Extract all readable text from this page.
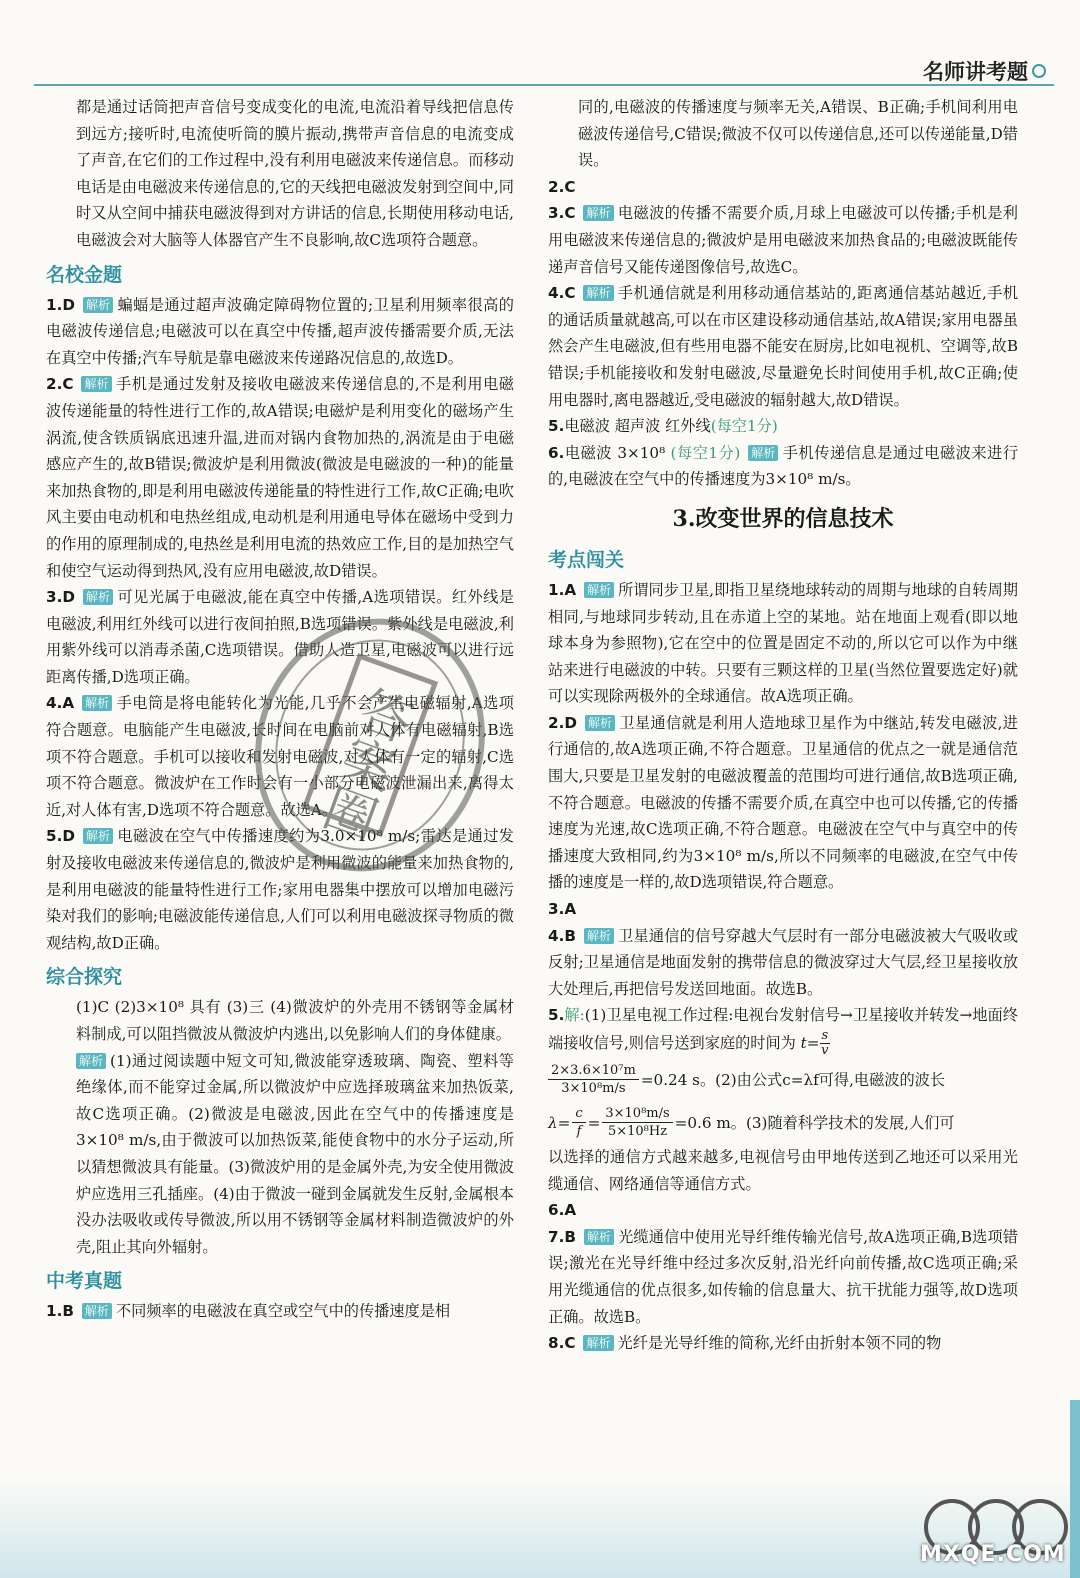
名师讲考题

都是通过话筒把声音信号变成变化的电流,电流沿着导线把信息传到远方;接听时,电流使听筒的膜片振动,携带声音信息的电流变成了声音,在它们的工作过程中,没有利用电磁波来传递信息。而移动电话是由电磁波来传递信息的,它的天线把电磁波发射到空间中,同时又从空间中捕获电磁波得到对方讲话的信息,长期使用移动电话,电磁波会对大脑等人体器官产生不良影响,故C选项符合题意。

名校金题

1.D 解析 蝙蝠是通过超声波确定障碍物位置的;卫星利用频率很高的电磁波传递信息;电磁波可以在真空中传播,超声波传播需要介质,无法在真空中传播;汽车导航是靠电磁波来传递路况信息的,故选D。

2.C 解析 手机是通过发射及接收电磁波来传递信息的,不是利用电磁波传递能量的特性进行工作的,故A错误;电磁炉是利用变化的磁场产生涡流,使含铁质锅底迅速升温,进而对锅内食物加热的,涡流是由于电磁感应产生的,故B错误;微波炉是利用微波(微波是电磁波的一种)的能量来加热食物的,即是利用电磁波传递能量的特性进行工作,故C正确;电吹风主要由电动机和电热丝组成,电动机是利用通电导体在磁场中受到力的作用的原理制成的,电热丝是利用电流的热效应工作,目的是加热空气和使空气运动得到热风,没有应用电磁波,故D错误。

3.D 解析 可见光属于电磁波,能在真空中传播,A选项错误。红外线是电磁波,利用红外线可以进行夜间拍照,B选项错误。紫外线是电磁波,利用紫外线可以消毒杀菌,C选项错误。借助人造卫星,电磁波可以进行远距离传播,D选项正确。

4.A 解析 手电筒是将电能转化为光能,几乎不会产生电磁辐射,A选项符合题意。电脑能产生电磁波,长时间在电脑前对人体有电磁辐射,B选项不符合题意。手机可以接收和发射电磁波,对人体有一定的辐射,C选项不符合题意。微波炉在工作时会有一小部分电磁波泄漏出来,离得太近,对人体有害,D选项不符合题意。故选A。

5.D 解析 电磁波在空气中传播速度约为3.0×10⁸ m/s;雷达是通过发射及接收电磁波来传递信息的,微波炉是利用微波的能量来加热食物的,是利用电磁波的能量特性进行工作;家用电器集中摆放可以增加电磁污染对我们的影响;电磁波能传递信息,人们可以利用电磁波探寻物质的微观结构,故D正确。

综合探究

(1)C (2)3×10⁸ 具有 (3)三 (4)微波炉的外壳用不锈钢等金属材料制成,可以阻挡微波从微波炉内逃出,以免影响人们的身体健康。

解析 (1)通过阅读题中短文可知,微波能穿透玻璃、陶瓷、塑料等绝缘体,而不能穿过金属,所以微波炉中应选择玻璃盆来加热饭菜,故C选项正确。(2)微波是电磁波,因此在空气中的传播速度是3×10⁸ m/s,由于微波可以加热饭菜,能使食物中的水分子运动,所以猜想微波具有能量。(3)微波炉用的是金属外壳,为安全使用微波炉应选用三孔插座。(4)由于微波一碰到金属就发生反射,金属根本没办法吸收或传导微波,所以用不锈钢等金属材料制造微波炉的外壳,阻止其向外辐射。

中考真题

1.B 解析 不同频率的电磁波在真空或空气中的传播速度是相

同的,电磁波的传播速度与频率无关,A错误、B正确;手机间利用电磁波传递信号,C错误;微波不仅可以传递信息,还可以传递能量,D错误。

2.C

3.C 解析 电磁波的传播不需要介质,月球上电磁波可以传播;手机是利用电磁波来传递信息的;微波炉是用电磁波来加热食品的;电磁波既能传递声音信号又能传递图像信号,故选C。

4.C 解析 手机通信就是利用移动通信基站的,距离通信基站越近,手机的通话质量就越高,可以在市区建设移动通信基站,故A错误;家用电器虽然会产生电磁波,但有些用电器不能安在厨房,比如电视机、空调等,故B错误;手机能接收和发射电磁波,尽量避免长时间使用手机,故C正确;使用电器时,离电器越近,受电磁波的辐射越大,故D错误。

5.电磁波 超声波 红外线(每空1分)

6.电磁波 3×10⁸ (每空1分) 解析 手机传递信息是通过电磁波来进行的,电磁波在空气中的传播速度为3×10⁸ m/s。

3.改变世界的信息技术
考点闯关

1.A 解析 所谓同步卫星,即指卫星绕地球转动的周期与地球的自转周期相同,与地球同步转动,且在赤道上空的某地。站在地面上观看(即以地球本身为参照物),它在空中的位置是固定不动的,所以它可以作为中继站来进行电磁波的中转。只要有三颗这样的卫星(当然位置要选定好)就可以实现除两极外的全球通信。故A选项正确。

2.D 解析 卫星通信就是利用人造地球卫星作为中继站,转发电磁波,进行通信的,故A选项正确,不符合题意。卫星通信的优点之一就是通信范围大,只要是卫星发射的电磁波覆盖的范围均可进行通信,故B选项正确,不符合题意。电磁波的传播不需要介质,在真空中也可以传播,它的传播速度为光速,故C选项正确,不符合题意。电磁波在空气中与真空中的传播速度大致相同,约为3×10⁸ m/s,所以不同频率的电磁波,在空气中传播的速度是一样的,故D选项错误,符合题意。

3.A

4.B 解析 卫星通信的信号穿越大气层时有一部分电磁波被大气吸收或反射;卫星通信是地面发射的携带信息的微波穿过大气层,经卫星接收放大处理后,再把信号发送回地面。故选B。

5.解:(1)卫星电视工作过程:电视台发射信号→卫星接收并转发→地面终端接收信号,则信号送到家庭的时间为 $t= \frac{s}{v}$

$\frac{\text{2×3.6×10⁷m}}{\text{3×10⁸m/s}} =0.24$ s。(2)由公式c=λf可得,电磁波的波长

$\lambda= \frac{c}{f} = \frac{\text{3×10⁸m/s}}{\text{5×10⁸Hz}} =0.6$ m。(3)随着科学技术的发展,人们可

以选择的通信方式越来越多,电视信号由甲地传送到乙地还可以采用光缆通信、网络通信等通信方式。

6.A

7.B 解析 光缆通信中使用光导纤维传输光信号,故A选项正确,B选项错误;激光在光导纤维中经过多次反射,沿光纤向前传播,故C选项正确;采用光缆通信的优点很多,如传输的信息量大、抗干扰能力强等,故D选项正确。故选B。

8.C 解析 光纤是光导纤维的简称,光纤由折射本领不同的物

答案圈
MXQE.COM
